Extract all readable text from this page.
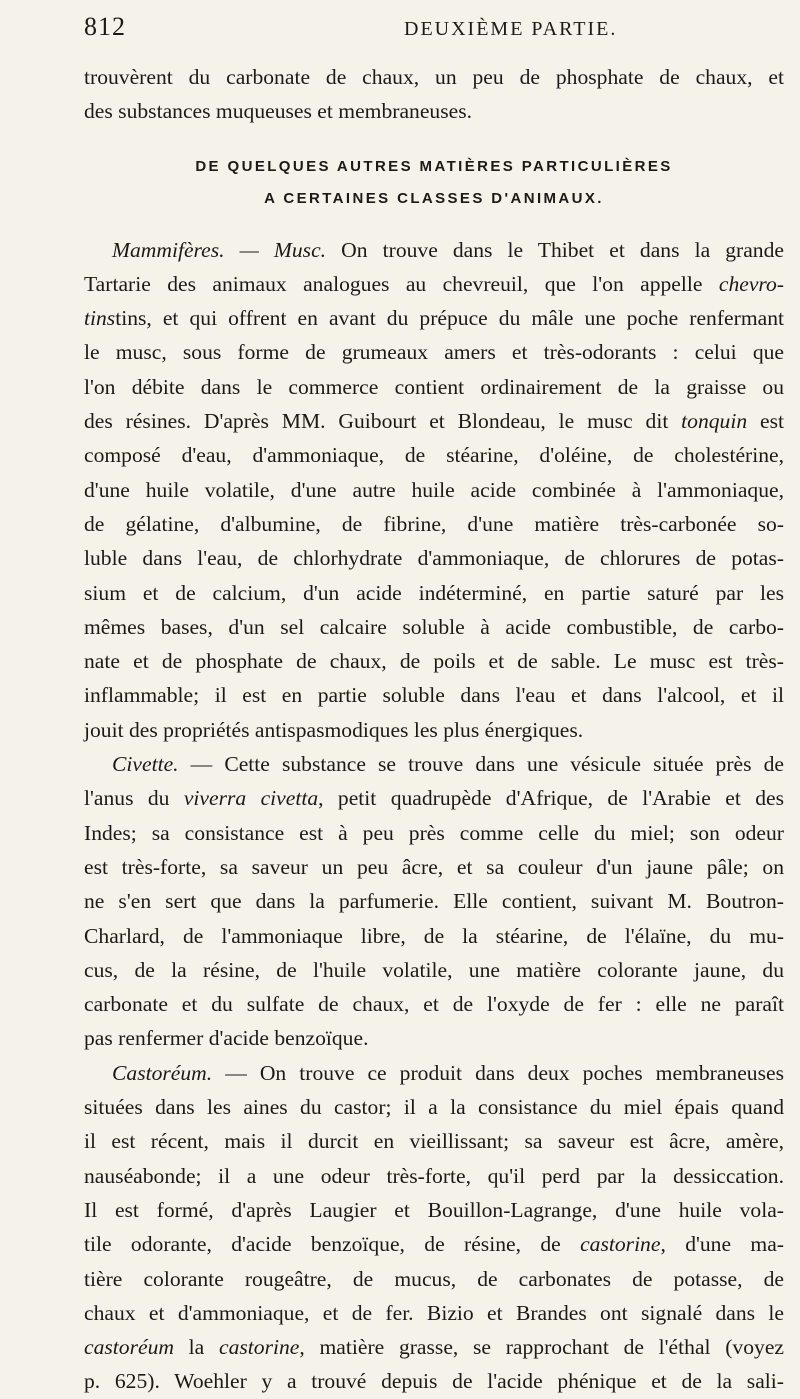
812	DEUXIÈME PARTIE.

trouvèrent du carbonate de chaux, un peu de phosphate de chaux, et
des substances muqueuses et membraneuses.

DE QUELQUES AUTRES MATIÈRES PARTICULIÈRES
A CERTAINES CLASSES D'ANIMAUX.

Mammifères. — Musc. On trouve dans le Thibet et dans la grande
Tartarie des animaux analogues au chevreuil, que l'on appelle chevro-
tinstins, et qui offrent en avant du prépuce du mâle une poche renfermant
le musc, sous forme de grumeaux amers et très-odorants : celui que
l'on débite dans le commerce contient ordinairement de la graisse ou
des résines. D'après MM. Guibourt et Blondeau, le musc dit tonquin est
composé d'eau, d'ammoniaque, de stéarine, d'oléine, de cholestérine,
d'une huile volatile, d'une autre huile acide combinée à l'ammoniaque,
de gélatine, d'albumine, de fibrine, d'une matière très-carbonée so-
luble dans l'eau, de chlorhydrate d'ammoniaque, de chlorures de potas-
sium et de calcium, d'un acide indéterminé, en partie saturé par les
mêmes bases, d'un sel calcaire soluble à acide combustible, de carbo-
nate et de phosphate de chaux, de poils et de sable. Le musc est très-
inflammable; il est en partie soluble dans l'eau et dans l'alcool, et il
jouit des propriétés antispasmodiques les plus énergiques.

Civette. — Cette substance se trouve dans une vésicule située près de
l'anus du viverra civetta, petit quadrupède d'Afrique, de l'Arabie et des
Indes; sa consistance est à peu près comme celle du miel; son odeur
est très-forte, sa saveur un peu âcre, et sa couleur d'un jaune pâle; on
ne s'en sert que dans la parfumerie. Elle contient, suivant M. Boutron-
Charlard, de l'ammoniaque libre, de la stéarine, de l'élaïne, du mu-
cus, de la résine, de l'huile volatile, une matière colorante jaune, du
carbonate et du sulfate de chaux, et de l'oxyde de fer : elle ne paraît
pas renfermer d'acide benzoïque.

Castoréum. — On trouve ce produit dans deux poches membraneuses
situées dans les aines du castor; il a la consistance du miel épais quand
il est récent, mais il durcit en vieillissant; sa saveur est âcre, amère,
nauséabonde; il a une odeur très-forte, qu'il perd par la dessiccation.
Il est formé, d'après Laugier et Bouillon-Lagrange, d'une huile vola-
tile odorante, d'acide benzoïque, de résine, de castorine, d'une ma-
tière colorante rougeâtre, de mucus, de carbonates de potasse, de
chaux et d'ammoniaque, et de fer. Bizio et Brandes ont signalé dans le
castoréum la castorine, matière grasse, se rapprochant de l'éthal (voyez
p. 625). Woehler y a trouvé depuis de l'acide phénique et de la sali-
